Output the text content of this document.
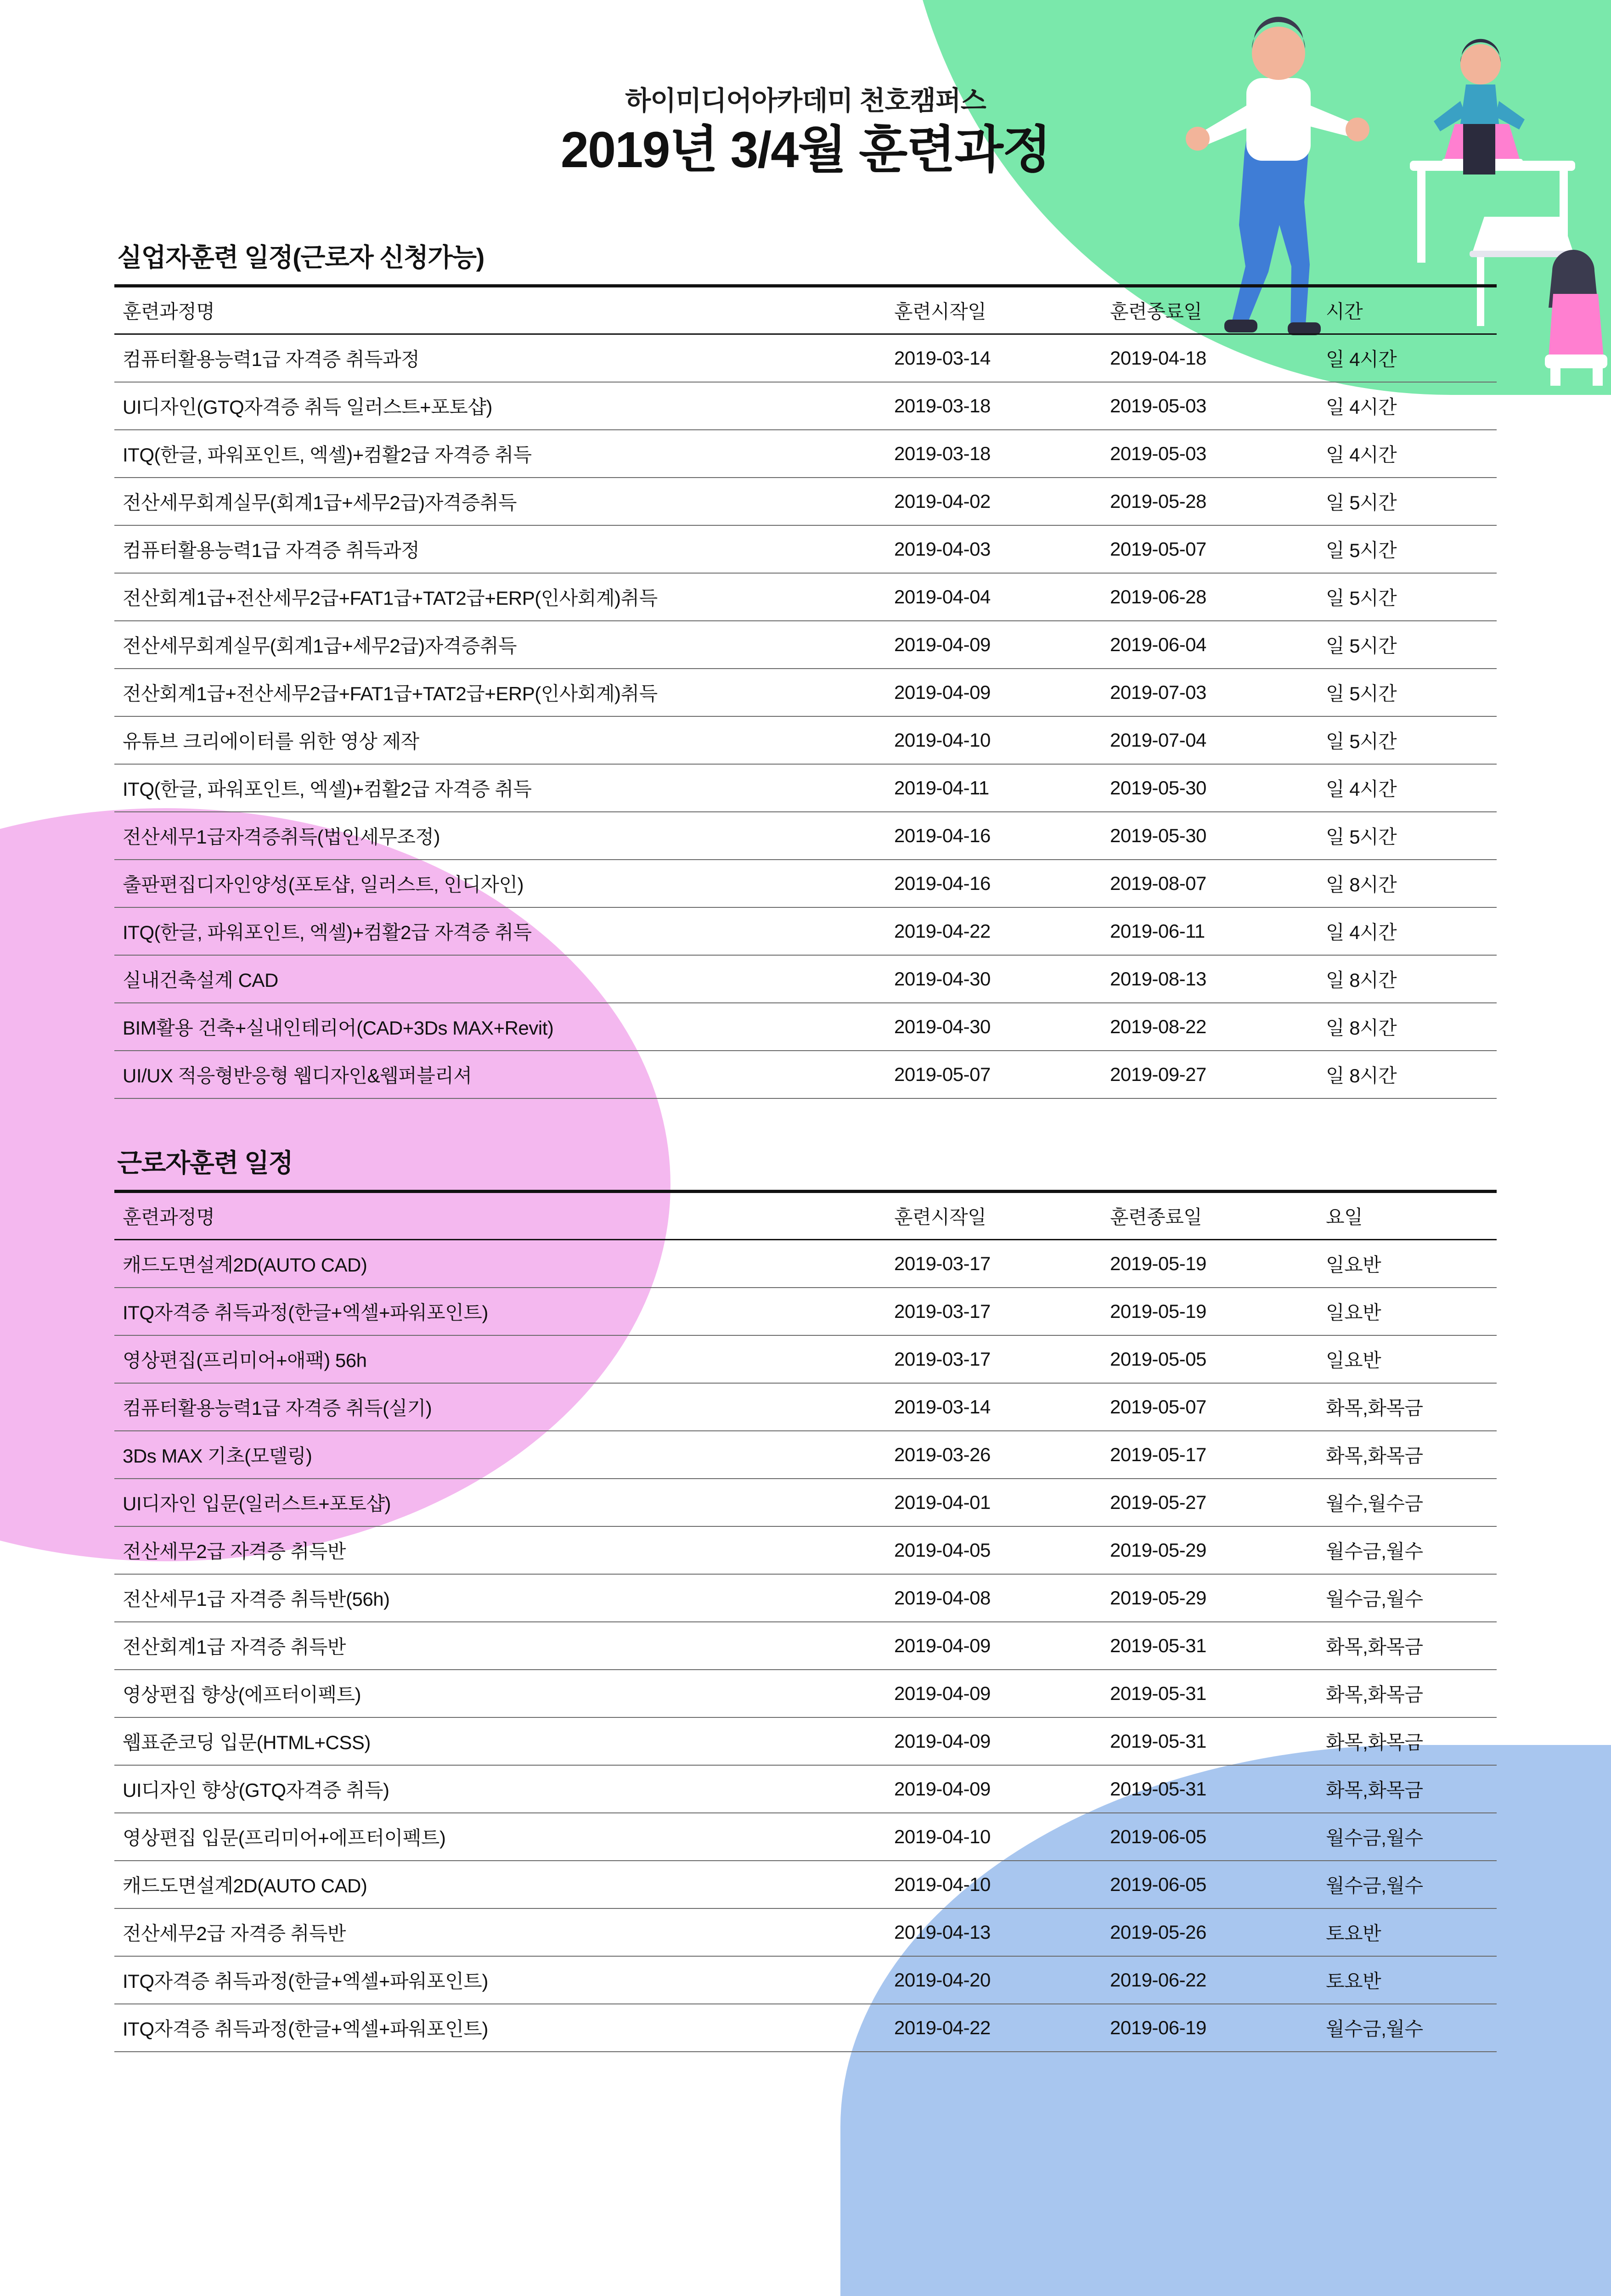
하이미디어아카데미 천호캠퍼스
2019년 3/4월 훈련과정
실업자훈련 일정(근로자 신청가능)
훈련과정명	훈련시작일	훈련종료일	시간
컴퓨터활용능력1급 자격증 취득과정	2019-03-14	2019-04-18	일 4시간
UI디자인(GTQ자격증 취득 일러스트+포토샵)	2019-03-18	2019-05-03	일 4시간
ITQ(한글, 파워포인트, 엑셀)+컴활2급 자격증 취득	2019-03-18	2019-05-03	일 4시간
전산세무회계실무(회계1급+세무2급)자격증취득	2019-04-02	2019-05-28	일 5시간
컴퓨터활용능력1급 자격증 취득과정	2019-04-03	2019-05-07	일 5시간
전산회계1급+전산세무2급+FAT1급+TAT2급+ERP(인사회계)취득	2019-04-04	2019-06-28	일 5시간
전산세무회계실무(회계1급+세무2급)자격증취득	2019-04-09	2019-06-04	일 5시간
전산회계1급+전산세무2급+FAT1급+TAT2급+ERP(인사회계)취득	2019-04-09	2019-07-03	일 5시간
유튜브 크리에이터를 위한 영상 제작	2019-04-10	2019-07-04	일 5시간
ITQ(한글, 파워포인트, 엑셀)+컴활2급 자격증 취득	2019-04-11	2019-05-30	일 4시간
전산세무1급자격증취득(법인세무조정)	2019-04-16	2019-05-30	일 5시간
출판편집디자인양성(포토샵, 일러스트, 인디자인)	2019-04-16	2019-08-07	일 8시간
ITQ(한글, 파워포인트, 엑셀)+컴활2급 자격증 취득	2019-04-22	2019-06-11	일 4시간
실내건축설계 CAD	2019-04-30	2019-08-13	일 8시간
BIM활용 건축+실내인테리어(CAD+3Ds MAX+Revit)	2019-04-30	2019-08-22	일 8시간
UI/UX 적응형반응형 웹디자인&웹퍼블리셔	2019-05-07	2019-09-27	일 8시간
근로자훈련 일정
훈련과정명	훈련시작일	훈련종료일	요일
캐드도면설계2D(AUTO CAD)	2019-03-17	2019-05-19	일요반
ITQ자격증 취득과정(한글+엑셀+파워포인트)	2019-03-17	2019-05-19	일요반
영상편집(프리미어+애팩) 56h	2019-03-17	2019-05-05	일요반
컴퓨터활용능력1급 자격증 취득(실기)	2019-03-14	2019-05-07	화목,화목금
3Ds MAX 기초(모델링)	2019-03-26	2019-05-17	화목,화목금
UI디자인 입문(일러스트+포토샵)	2019-04-01	2019-05-27	월수,월수금
전산세무2급 자격증 취득반	2019-04-05	2019-05-29	월수금,월수
전산세무1급 자격증 취득반(56h)	2019-04-08	2019-05-29	월수금,월수
전산회계1급 자격증 취득반	2019-04-09	2019-05-31	화목,화목금
영상편집 향상(에프터이펙트)	2019-04-09	2019-05-31	화목,화목금
웹표준코딩 입문(HTML+CSS)	2019-04-09	2019-05-31	화목,화목금
UI디자인 향상(GTQ자격증 취득)	2019-04-09	2019-05-31	화목,화목금
영상편집 입문(프리미어+에프터이펙트)	2019-04-10	2019-06-05	월수금,월수
캐드도면설계2D(AUTO CAD)	2019-04-10	2019-06-05	월수금,월수
전산세무2급 자격증 취득반	2019-04-13	2019-05-26	토요반
ITQ자격증 취득과정(한글+엑셀+파워포인트)	2019-04-20	2019-06-22	토요반
ITQ자격증 취득과정(한글+엑셀+파워포인트)	2019-04-22	2019-06-19	월수금,월수
